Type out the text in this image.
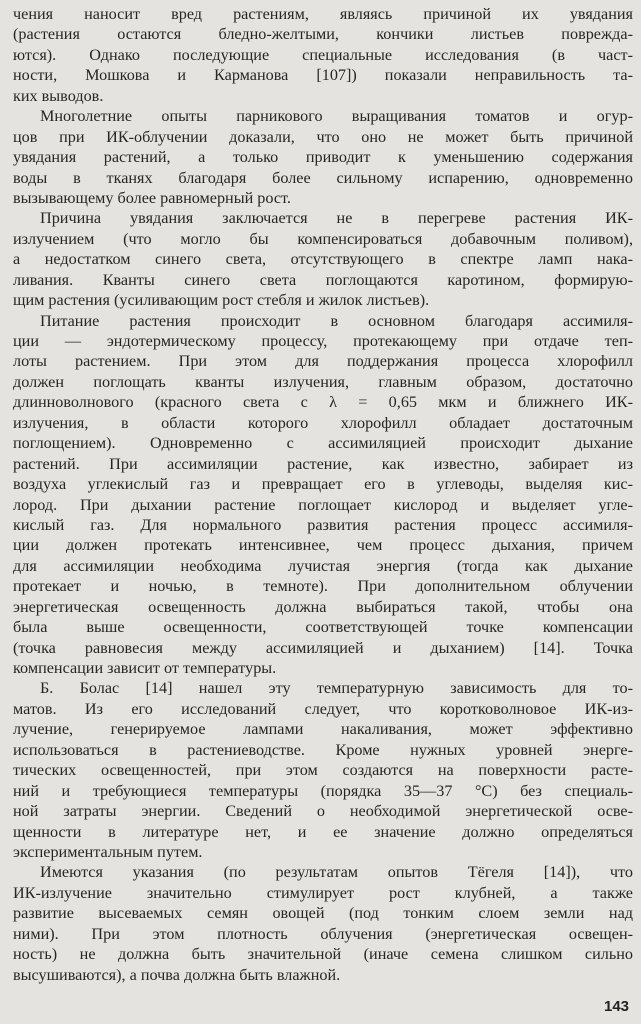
чения наносит вред растениям, являясь причиной их увядания
(растения остаются бледно-желтыми, кончики листьев поврежда-
ются). Однако последующие специальные исследования (в част-
ности, Мошкова и Карманова [107]) показали неправильность та-
ких выводов.
Многолетние опыты парникового выращивания томатов и огур-
цов при ИК-облучении доказали, что оно не может быть причиной
увядания растений, а только приводит к уменьшению содержания
воды в тканях благодаря более сильному испарению, одновременно
вызывающему более равномерный рост.
Причина увядания заключается не в перегреве растения ИК-
излучением (что могло бы компенсироваться добавочным поливом),
а недостатком синего света, отсутствующего в спектре ламп нака-
ливания. Кванты синего света поглощаются каротином, формирую-
щим растения (усиливающим рост стебля и жилок листьев).
Питание растения происходит в основном благодаря ассимиля-
ции — эндотермическому процессу, протекающему при отдаче теп-
лоты растением. При этом для поддержания процесса хлорофилл
должен поглощать кванты излучения, главным образом, достаточно
длинноволнового (красного света с λ = 0,65 мкм и ближнего ИК-
излучения, в области которого хлорофилл обладает достаточным
поглощением). Одновременно с ассимиляцией происходит дыхание
растений. При ассимиляции растение, как известно, забирает из
воздуха углекислый газ и превращает его в углеводы, выделяя кис-
лород. При дыхании растение поглощает кислород и выделяет угле-
кислый газ. Для нормального развития растения процесс ассимиля-
ции должен протекать интенсивнее, чем процесс дыхания, причем
для ассимиляции необходима лучистая энергия (тогда как дыхание
протекает и ночью, в темноте). При дополнительном облучении
энергетическая освещенность должна выбираться такой, чтобы она
была выше освещенности, соответствующей точке компенсации
(точка равновесия между ассимиляцией и дыханием) [14]. Точка
компенсации зависит от температуры.
Б. Болас [14] нашел эту температурную зависимость для то-
матов. Из его исследований следует, что коротковолновое ИК-из-
лучение, генерируемое лампами накаливания, может эффективно
использоваться в растениеводстве. Кроме нужных уровней энерге-
тических освещенностей, при этом создаются на поверхности расте-
ний и требующиеся температуры (порядка 35—37 °С) без специаль-
ной затраты энергии. Сведений о необходимой энергетической осве-
щенности в литературе нет, и ее значение должно определяться
экспериментальным путем.
Имеются указания (по результатам опытов Тёгеля [14]), что
ИК-излучение значительно стимулирует рост клубней, а также
развитие высеваемых семян овощей (под тонким слоем земли над
ними). При этом плотность облучения (энергетическая освещен-
ность) не должна быть значительной (иначе семена слишком сильно
высушиваются), а почва должна быть влажной.
143
